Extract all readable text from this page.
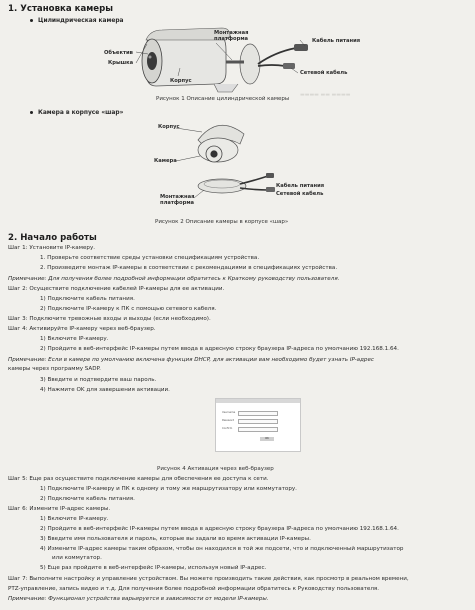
▬▬▬▬ ▬▬ ▬▬▬▬
1. Установка камеры
Цилиндрическая камера
Монтажная
платформа	Кабель питания
Объектив
Крышка
Корпус
Сетевой кабель
Рисунок 1 Описание цилиндрической камеры
Камера в корпусе «шар»
Корпус
Камера
Кабель питания
Сетевой кабель
Монтажная
платформа
Рисунок 2 Описание камеры в корпусе «шар»
2. Начало работы
Шаг 1: Установите IP-камеру.
1. Проверьте соответствие среды установки спецификациям устройства.
2. Произведите монтаж IP-камеры в соответствии с рекомендациями в спецификациях устройства.
Примечание: Для получения более подробной информации обратитесь к Краткому руководству пользователя.
Шаг 2: Осуществите подключение кабелей IP-камеры для ее активации.
1) Подключите кабель питания.
2) Подключите IP-камеру к ПК с помощью сетевого кабеля.
Шаг 3: Подключите тревожные входы и выходы (если необходимо).
Шаг 4: Активируйте IP-камеру через веб-браузер.
1) Включите IP-камеру.
2) Пройдите в веб-интерфейс IP-камеры путем ввода в адресную строку браузера IP-адреса по умолчанию 192.168.1.64.
Примечание: Если в камере по умолчанию включена функция DHCP, для активации вам необходимо будет узнать IP-адрес
камеры через программу SADP.
3) Введите и подтвердите ваш пароль.
4) Нажмите OK для завершения активации.
Username
Password
Confirm
OK
Рисунок 4 Активация через веб-браузер
Шаг 5: Еще раз осуществите подключение камеры для обеспечения ее доступа к сети.
1) Подключите IP-камеру и ПК к одному и тому же маршрутизатору или коммутатору.
2) Подключите кабель питания.
Шаг 6: Измените IP-адрес камеры.
1) Включите IP-камеру.
2) Пройдите в веб-интерфейс IP-камеры путем ввода в адресную строку браузера IP-адреса по умолчанию 192.168.1.64.
3) Введите имя пользователя и пароль, которые вы задали во время активации IP-камеры.
4) Измените IP-адрес камеры таким образом, чтобы он находился в той же подсети, что и подключенный маршрутизатор
или коммутатор.
5) Еще раз пройдите в веб-интерфейс IP-камеры, используя новый IP-адрес.
Шаг 7: Выполните настройку и управление устройством. Вы можете производить такие действия, как просмотр в реальном времени,
PTZ-управление, запись видео и т.д. Для получения более подробной информации обратитесь к Руководству пользователя.
Примечание: Функционал устройства варьируется в зависимости от модели IP-камеры.
